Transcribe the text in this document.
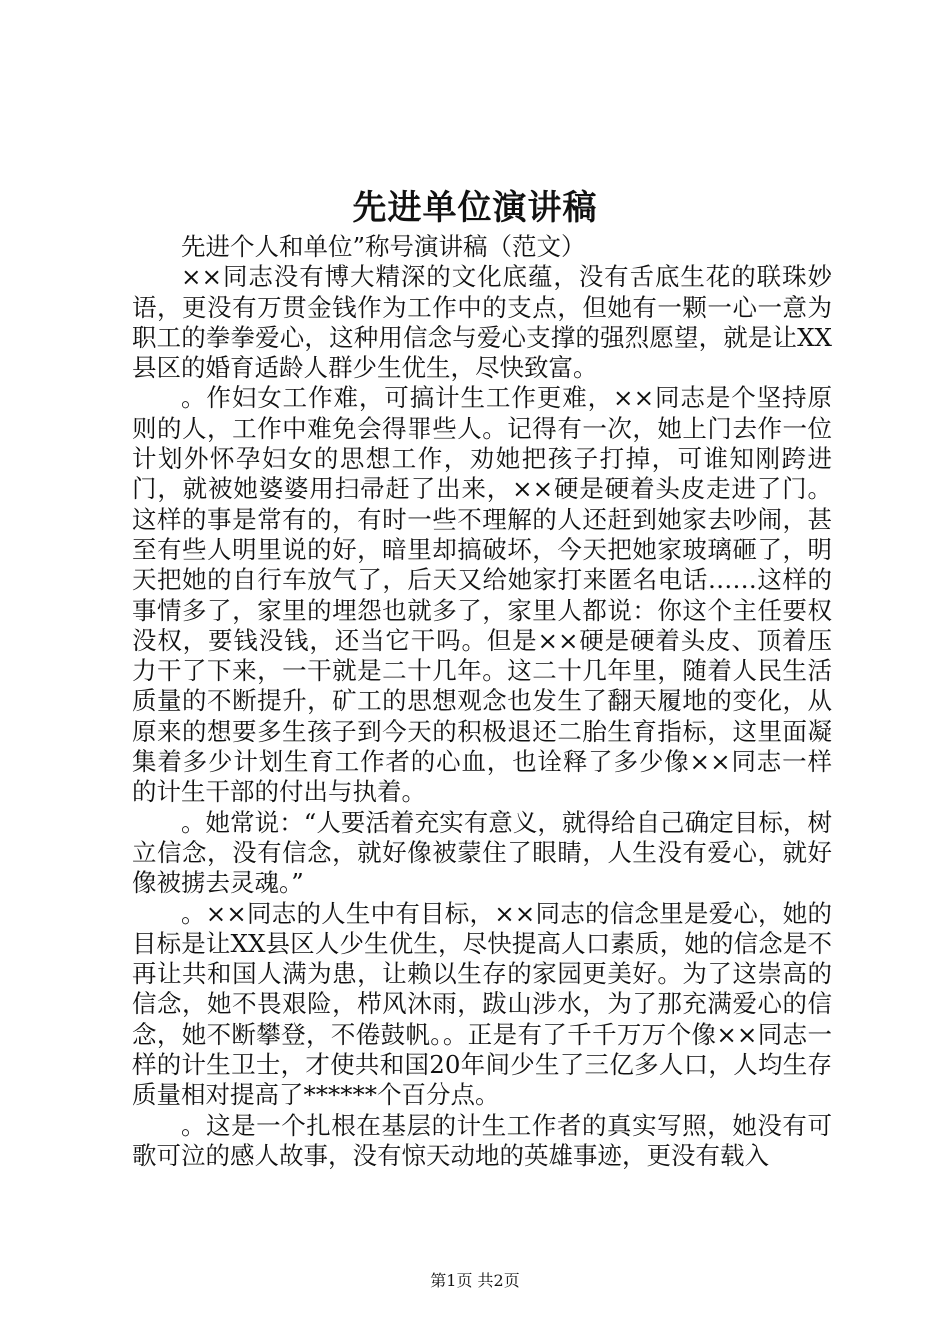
先进单位演讲稿

先进个人和单位”称号演讲稿（范文）

××同志没有博大精深的文化底蕴，没有舌底生花的联珠妙语，更没有万贯金钱作为工作中的支点，但她有一颗一心一意为职工的拳拳爱心，这种用信念与爱心支撑的强烈愿望，就是让XX县区的婚育适龄人群少生优生，尽快致富。

。作妇女工作难，可搞计生工作更难，××同志是个坚持原则的人，工作中难免会得罪些人。记得有一次，她上门去作一位计划外怀孕妇女的思想工作，劝她把孩子打掉，可谁知刚跨进门，就被她婆婆用扫帚赶了出来，××硬是硬着头皮走进了门。这样的事是常有的，有时一些不理解的人还赶到她家去吵闹，甚至有些人明里说的好，暗里却搞破坏，今天把她家玻璃砸了，明天把她的自行车放气了，后天又给她家打来匿名电话……这样的事情多了，家里的埋怨也就多了，家里人都说：你这个主任要权没权，要钱没钱，还当它干吗。但是××硬是硬着头皮、顶着压力干了下来，一干就是二十几年。这二十几年里，随着人民生活质量的不断提升，矿工的思想观念也发生了翻天履地的变化，从原来的想要多生孩子到今天的积极退还二胎生育指标，这里面凝集着多少计划生育工作者的心血，也诠释了多少像××同志一样的计生干部的付出与执着。

。她常说：“人要活着充实有意义，就得给自己确定目标，树立信念，没有信念，就好像被蒙住了眼睛，人生没有爱心，就好像被掳去灵魂。”

。××同志的人生中有目标，××同志的信念里是爱心，她的目标是让XX县区人少生优生，尽快提高人口素质，她的信念是不再让共和国人满为患，让赖以生存的家园更美好。为了这崇高的信念，她不畏艰险，栉风沐雨，跋山涉水，为了那充满爱心的信念，她不断攀登，不倦鼓帆。。正是有了千千万万个像××同志一样的计生卫士，才使共和国20年间少生了三亿多人口，人均生存质量相对提高了******个百分点。

。这是一个扎根在基层的计生工作者的真实写照，她没有可歌可泣的感人故事，没有惊天动地的英雄事迹，更没有载入

第1页 共2页
